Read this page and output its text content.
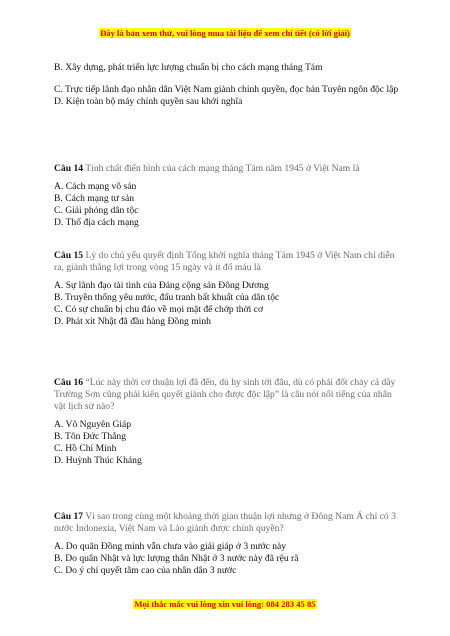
Đây là bản xem thử, vui lòng mua tài liệu để xem chi tiết (có lời giải)

B. Xây dựng, phát triển lực lượng chuẩn bị cho cách mạng tháng Tám

C. Trực tiếp lãnh đạo nhân dân Việt Nam giành chính quyền, đọc bản Tuyên ngôn độc lập

D. Kiện toàn bộ máy chính quyền sau khởi nghĩa

Câu 14 Tính chất điển hình của cách mạng tháng Tám năm 1945 ở Việt Nam là

A. Cách mạng vô sản

B. Cách mạng tư sản

C. Giải phóng dân tộc

D. Thổ địa cách mạng

Câu 15 Lý do chủ yếu quyết định Tổng khởi nghĩa tháng Tám 1945 ở Việt Nam chỉ diễn ra, giành thắng lợi trong vòng 15 ngày và ít đổ máu là

A. Sự lãnh đạo tài tình của Đảng cộng sản Đông Dương

B. Truyền thống yêu nước, đấu tranh bất khuất của dân tộc

C. Có sự chuẩn bị chu đáo về mọi mặt để chớp thời cơ

D. Phát xít Nhật đã đầu hàng Đồng minh

Câu 16 “Lúc này thời cơ thuận lợi đã đến, dù hy sinh tới đâu, dù có phải đốt cháy cả dãy Trường Sơn cũng phải kiên quyết giành cho được độc lập” là câu nói nổi tiếng của nhân vật lịch sử nào?

A. Võ Nguyên Giáp

B. Tôn Đức Thắng

C. Hồ Chí Minh

D. Huỳnh Thúc Kháng

Câu 17 Vì sao trong cùng một khoảng thời gian thuận lợi nhưng ở Đông Nam Á chỉ có 3 nước Indonexia, Việt Nam và Lào giành được chính quyền?

A. Do quân Đồng minh vẫn chưa vào giải giáp ở 3 nước này

B. Do quân Nhật và lực lượng thân Nhật ở 3 nước này đã rệu rã

C. Do ý chí quyết tâm cao của nhân dân 3 nước

Mọi thắc mắc vui lòng xin vui lòng: 084 283 45 85
